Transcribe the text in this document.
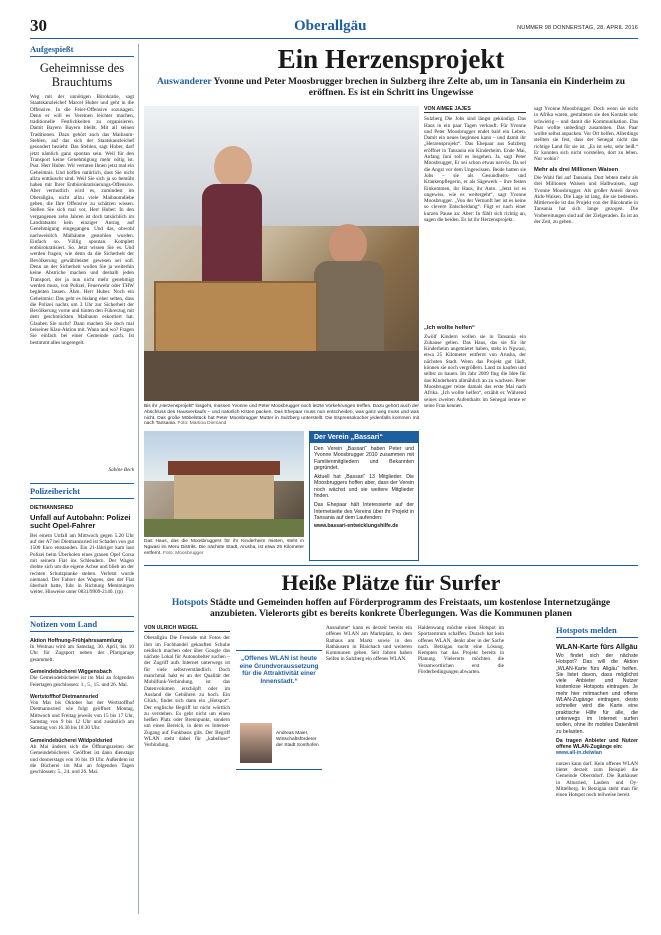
30	Oberallgäu	NUMMER 98 DONNERSTAG, 28. APRIL 2016
Aufgespießt
Geheimnisse des Brauchtums

Weg mit der unnötigen Bürokratie, sagt Staatskanzleichef Marcel Huber und geht in die Offensive. In die Feier-Offensive sozusagen. Denn er will es Vereinen leichter machen, traditionelle Festlichkeiten zu organisieren. Damit Bayern Bayern bleibt. Mit all seinen Traditionen. Dazu gehört auch das Maibaum-Stehlen, auf das sich der Staatskanzleichef gesondert bezieht: Das Stehlen, sagt Huber, darf jetzt nämlich ganz spontan sein. Weil für den Transport keine Genehmigung mehr nötig ist. Psst. Herr Huber. Wir verraten Ihnen jetzt mal ein Geheimnis. Und hoffen natürlich, dass Sie nicht allzu enttäuscht sind. Weil Sie sich ja so bemüht haben mit Ihrer Entbürokratisierungs-Offensive. Aber vermutlich wird es, zumindest im Oberallgäu, nicht allzu viele Maibaumdiebe geben, die Ihre Offensive zu schätzen wissen. Stellen Sie sich mal vor, Herr Huber: In den vergangenen zehn Jahren ist doch tatsächlich im Landratsamt kein einziger Antrag auf Genehmigung eingegangen. Und das, obwohl nachweislich Maibäume gestohlen wurden. Einfach so. Völlig spontan. Komplett entbürokratisiert. So. Jetzt wissen Sie es. Und werden fragen, wie denn da die Sicherheit der Bevölkerung gewährleistet gewesen sei soll. Denn an der Sicherheit wollen Sie ja weiterhin keine Abstriche machen und deshalb jeden Transport, der ja nun nicht mehr genehmigt werden muss, von Polizei, Feuerwehr oder THW begleiten lassen. Ähm. Herr Huber. Noch ein Geheimnis: Das geht es bislang eher selten, dass die Polizei nachts um 3 Uhr zur Sicherheit der Bevölkerung vorne und hinten den Führerzug mit dem geschmückten Maibaum eskortiert hat. Glauben Sie nicht? Dann machen Sie doch mal beiseiner Klau-Aktion mit. Wann und wo? Fragen Sie einfach bei einer Gemeinde nach. Ist bestimmt alles ungeregelt.

Sabine Beck
Polizeibericht
DIETMANNSRIED
Unfall auf Autobahn: Polizei sucht Opel-Fahrer

Bei einem Unfall am Mittwoch gegen 5.20 Uhr auf der A7 bei Dietmannsried ist Schaden von gut 1500 Euro entstanden. Ein 21-Jähriger kam laut Polizei beim Überholen eines grauen Opel Corsa mit seinem Fiat ins Schleudern. Der Wagen drehte sich um die eigene Achse und blieb an der rechten Schutzplanke stehen. Verletzt wurde niemand. Der Fahrer des Wagens, den der Fiat überholt hatte, fuhr in Richtung Memmingen weiter. Hinweise unter 0831/9909-2140. (rp)

Notizen vom Land
Aktion Hoffnung-Frühjahrssammlung

In Weitnau wird am Samstag, 30. April, bis 10 Uhr für Zugsport neben der Pfarrgarage gesammelt.

Gemeindebücherei Wiggensbach

Die Gemeindebücherei ist im Mai an folgenden Feiertagen geschlossen: 1., 5., 15. und 26. Mai.

Wertstoffhof Dietmannsried

Von Mai bis Oktober hat der Wertstoffhof Dietmannsried wie folgt geöffnet: Montag, Mittwoch und Freitag jeweils von 15 bis 17 Uhr, Samstag von 9 bis 12 Uhr und zusätzlich am Samstag von 16.30 bis 18.30 Uhr.

Gemeindebücherei Wildpoldsried

Ab Mai ändern sich die Öffnungszeiten der Gemeindebücherei. Geöffnet ist dann dienstags und donnerstags von 16 bis 19 Uhr. Außerdem ist die Bücherei im Mai an folgenden Tagen geschlossen: 5., 24. und 26. Mai.

Ein Herzensprojekt
Auswanderer Yvonne und Peter Moosbrugger brechen in Sulzberg ihre Zelte ab, um in Tansania ein Kinderheim zu eröffnen. Es ist ein Schritt ins Ungewisse
Bis ihr „Herzensprojekt“ losgeht, müssen Yvonne und Peter Moosbrugger noch letzte Vorkehrungen treffen. Dazu gehört auch der Abschluss des Hausverkaufs – und natürlich Kisten packen. Das Ehepaar muss nun entscheiden, was ganz weg muss und was nicht. Das große Möbelstück hat Peter Moosbrugger Mutter in Sulzberg unterstellt. Die Espressokocher jedenfalls kommen mit nach Tansania. Foto: Martina Diemand
Das Haus, das die Moosbruggers für ihr Kinderheim mieten, steht in Ngwasi im Meru Distrikt. Die nächste Stadt, Arusha, ist etwa 25 Kilometer entfernt. Foto: Moosbrugger
Der Verein „Bassari“

Den Verein „Bassari“ haben Peter und Yvonne Moosbrugger 2010 zusammen mit Familienmitgliedern und Bekannten gegründet.

Aktuell hat „Bassari“ 13 Mitglieder. Die Moosbruggers hoffen aber, dass der Verein noch wächst und sie weitere Mitglieder finden.

Das Ehepaar hält Interessierte auf der Internetseite des Vereins über ihr Projekt in Tansania auf dem Laufenden:

www.bassari-entwicklungshilfe.de

VON AIMÉE JAJES

Sulzberg Die Jobs sind längst gekündigt. Das Haus in ein paar Tagen verkauft. Für Yvonne und Peter Moosbrugger endet bald ein Leben. Damit ein neues beginnen kann – und damit ihr „Herzensprojekt“. Das Ehepaar aus Sulzberg eröffnet in Tansania ein Kinderheim. Ende Mai, Anfang Juni soll es losgehen. Ja, sagt Peter Moosbrugger, Er sei schon etwas nervös. Da sei die Angst vor dem Ungewissen. Beide hatten sie Jobs – sie als Gesundheits- und Krankenpflegerin, er als Sägewerk – ihre festen Einkommen, ihr Haus, ihr Auto. „Jetzt ist es ungewiss, wie es weitergeht“, sagt Yvonne Moosbrugger. „Von der Vernunft her ist es keine so clevere Entscheidung“. Fügt er nach einer kurzen Pause an: Aber: In fühlt sich richtig an, sagen die beiden. Es ist ihr Herzensprojekt.

„Ich wollte helfen“

Zwölf Kindern wollen sie in Tansania ein Zuhause geben. Das Haus, das sie für ihr Kinderheim angemietet haben, steht in Ngwasi, etwa 25 Kilometer entfernt von Arusha, der nächsten Stadt. Wenn das Projekt gut läuft, können sie noch vergrößern. Land zu kaufen und selbst zu bauen. Im Jahr 2009 fing die Idee für das Kinderheim allmählich an zu wachsen. Peter Moosbrugger reiste damals das erste Mal nach Afrika. „Ich wollte helfen“, erzählt er. Während seines zweiten Aufenthalts im Senegal lernte er seine Frau kennen.

sagt Yvonne Moosbrugger. Doch wenn sie nicht in Afrika waren, gestalteten sie den Kontakt sehr schwierig – und damit die Kommunikation. Das Paar wollte unbedingt zusammen. Das Paar wollte selbst anpacken. Vor Ort helfen. Allerdings stellten sie fest, dass der Senegal nicht das richtige Land für sie ist. „Es ist sehr, sehr heiß.“ Er konnten sich nicht vorstellen, dort zu leben. Nur wohin?

Mehr als drei Millionen Waisen

Die Wahl fiel auf Tansania. Dort lebten mehr als drei Millionen Waisen und Halbwaisen, sagt Yvonne Moosbrugger. Als großer Anteil davon Aids-Waisen. Die Lage ist lang, die sie bedeuten. Mittlerweile ist das Projekt von der Bürokratie in Tansania hat sich lange gezogen. Die Vorbereitungen sind auf der Zielgeraden. Es ist an der Zeit, zu gehen.

Heiße Plätze für Surfer
Hotspots Städte und Gemeinden hoffen auf Förderprogramm des Freistaats, um kostenlose Internetzugänge anzubieten. Vielerorts gibt es bereits konkrete Überlegungen. Was die Kommunen planen
VON ULRICH WEIGEL

Oberallgäu Die Freunde mit Fotos der ihm im Fachhandel gekauften Schuhe neidisch machen oder über Google das nächste Lokal für Autonobelter suchen – der Zugriff aufs Internet unterwegs ist für viele selbstverständlich. Doch manchmal hakt es an der Qualität der Mobilfunk-Verbindung, ist das Datenvolumen erschöpft oder im Ausland die Gebühren zu hoch. Ein Glück, findet sich dann ein „Hotspot“. Der englische Begriff ist nicht wörtlich zu verstehen. Es geht nicht um einen heißen Platz oder Brennpunkt, sondern um einen Bereich, in dem es Internet-Zugang auf Funkbasis gibt. Der Begriff WLAN steht dabei für „kabellose“ Verbindung.

„Offenes WLAN ist heute eine Grundvoraussetzung für die Attraktivität einer Innenstadt.“
Andreas Maier, Wirtschaftsförderer der Stadt Sonthofen

Ausnahme“ kann es derzeit bereits ein offenes WLAN am Marktplatz, in dem Rathaus am Markt sowie in den Rathäusern in Blaichach und weiteren Kommunen geben. Seit Jahren haben Seifen in Sulzberg ein offenes WLAN.

Haldenwang möchte einen Hotspot im Sportzentrum schaffen. Durach hat kein offenes WLAN, denkt aber in der Sache nach. Betzigau sucht eine Lösung. Kempten hat das Projekt bereits in Planung. Vielerorts möchten die Verantwortlichen erst die Förderbedingungen abwarten.

Hotspots melden
WLAN-Karte fürs Allgäu

Wo findet sich der nächste Hotspot? Das will die Aktion „WLAN-Karte fürs Allgäu“ helfen. Sie listet davon, dass möglichst viele Anbieter und Nutzer kostenlose Hotspots eintragen. Je mehr hier mitmachen und offene WLAN-Zugänge eintragen, desto schneller wird die Karte eine praktische Hilfe für alle, die unterwegs im Internet surfen wollen, ohne ihr mobiles Datenlimit zu belasten.

Da tragen Anbieter und Nutzer offene WLAN-Zugänge ein:

www.all-in.de/wlan

nutzen kann darf. Kein offenes WLAN bietet derzeit zum Beispiel die Gemeinde Oberstdorf. Die Rathäuser in Altusried, Lauben und Oy-Mittelberg. In Betzigau steht man für einen Hotspot noch teilweise bereit.
